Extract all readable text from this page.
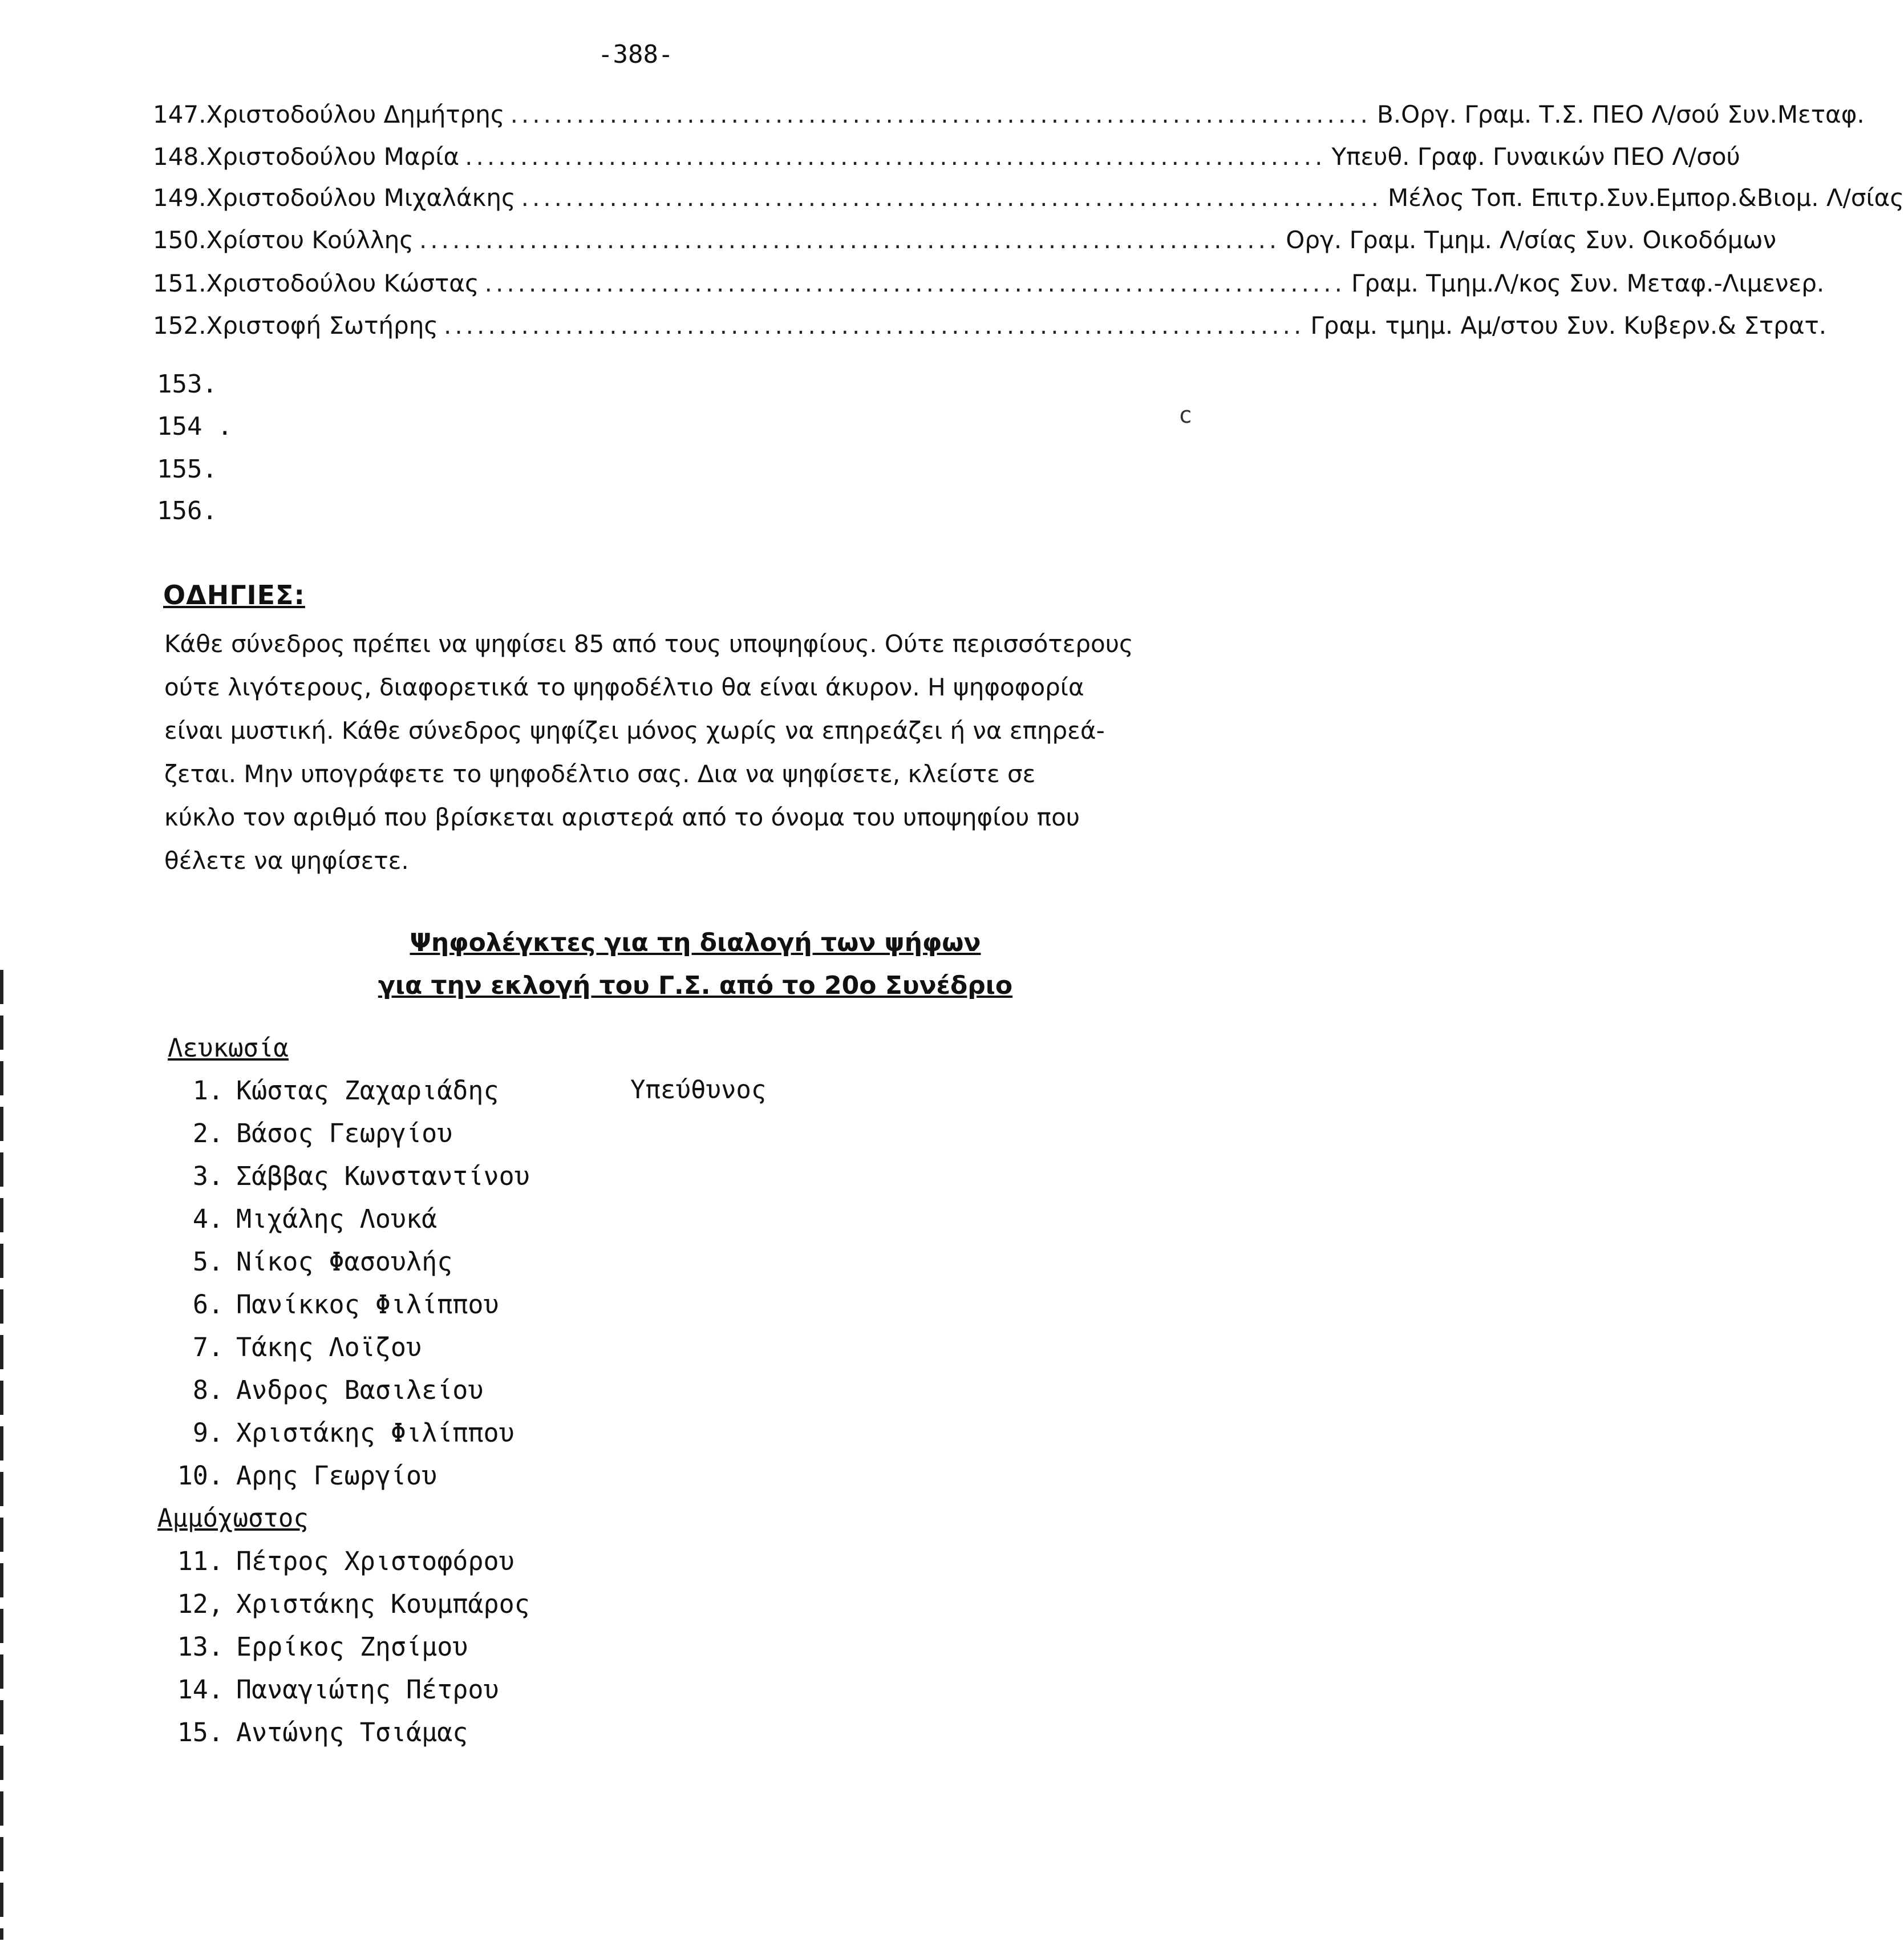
-388-
147. Χριστοδούλου Δημήτρης .............................................................................. Β.Οργ. Γραμ. Τ.Σ. ΠΕΟ Λ/σού Συν.Μεταφ.
148. Χριστοδούλου Μαρία .............................................................................. Υπευθ. Γραφ. Γυναικών ΠΕΟ Λ/σού
149. Χριστοδούλου Μιχαλάκης .............................................................................. Μέλος Τοπ. Επιτρ.Συν.Εμπορ.&Βιομ. Λ/σίας
150. Χρίστου Κούλλης .............................................................................. Οργ. Γραμ. Τμημ. Λ/σίας Συν. Οικοδόμων
151. Χριστοδούλου Κώστας .............................................................................. Γραμ. Τμημ.Λ/κος Συν. Μεταφ.-Λιμενερ.
152. Χριστοφή Σωτήρης .............................................................................. Γραμ. τμημ. Αμ/στου Συν. Κυβερν.& Στρατ.
153.
154 .
155.
156.
c
ΟΔΗΓΙΕΣ:
Κάθε σύνεδρος πρέπει να ψηφίσει 85 από τους υποψηφίους. Ούτε περισσότερους
ούτε λιγότερους, διαφορετικά το ψηφοδέλτιο θα είναι άκυρον. Η ψηφοφορία
είναι μυστική. Κάθε σύνεδρος ψηφίζει μόνος χωρίς να επηρεάζει ή να επηρεά-
ζεται. Μην υπογράφετε το ψηφοδέλτιο σας. Δια να ψηφίσετε, κλείστε σε
κύκλο τον αριθμό που βρίσκεται αριστερά από το όνομα του υποψηφίου που
θέλετε να ψηφίσετε.
Ψηφολέγκτες για τη διαλογή των ψήφων
για την εκλογή του Γ.Σ. από το 20ο Συνέδριο
Λευκωσία
Υπεύθυνος
1. Κώστας Ζαχαριάδης
2. Βάσος Γεωργίου
3. Σάββας Κωνσταντίνου
4. Μιχάλης Λουκά
5. Νίκος Φασουλής
6. Πανίκκος Φιλίππου
7. Τάκης Λοϊζου
8. Ανδρος Βασιλείου
9. Χριστάκης Φιλίππου
10. Αρης Γεωργίου
Αμμόχωστος
11. Πέτρος Χριστοφόρου
12, Χριστάκης Κουμπάρος
13. Ερρίκος Ζησίμου
14. Παναγιώτης Πέτρου
15. Αντώνης Τσιάμας
